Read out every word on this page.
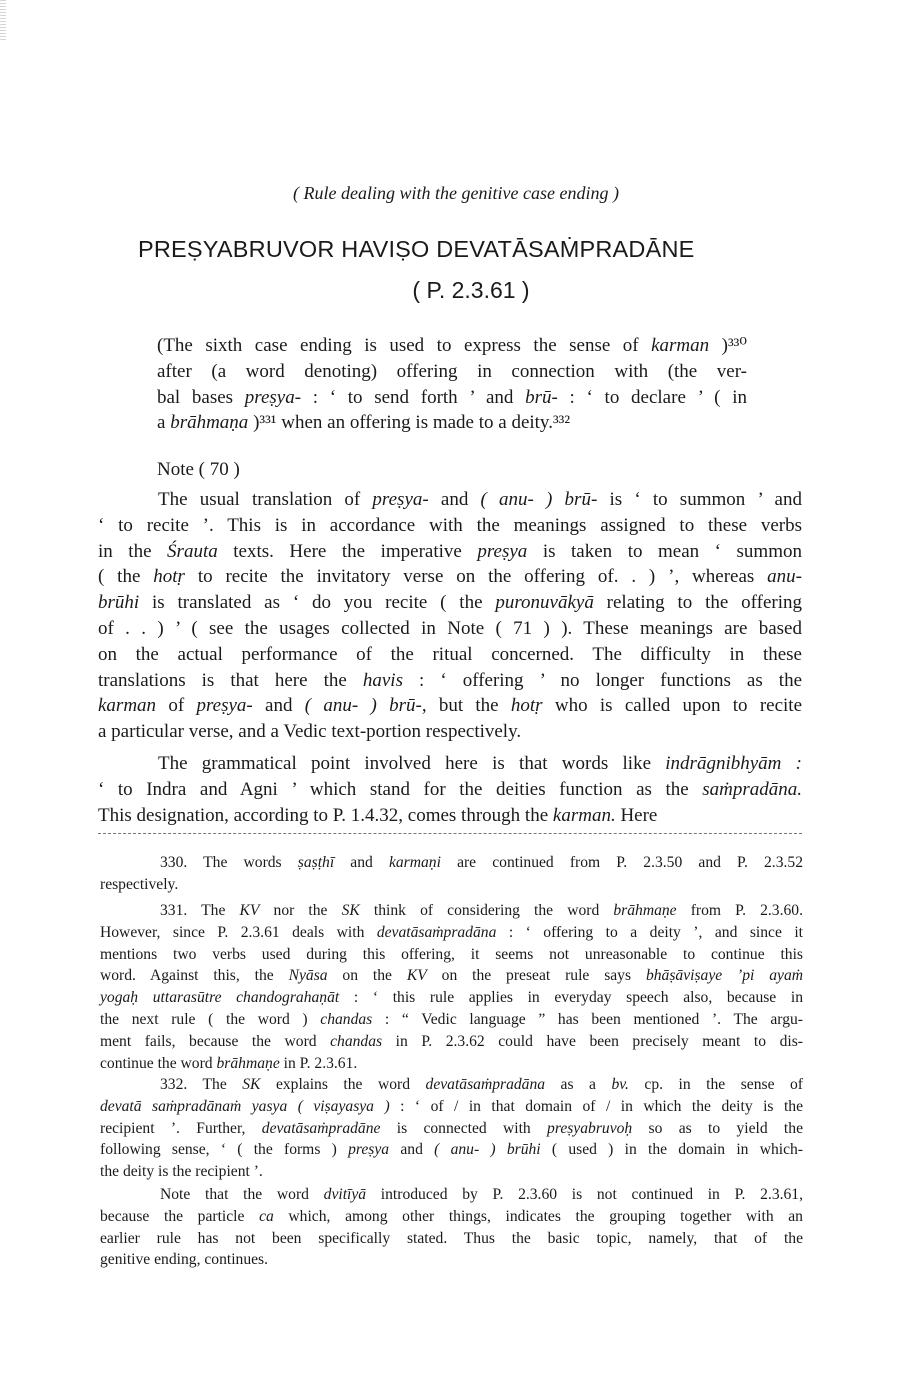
( Rule dealing with the genitive case ending )
PREṢYABRUVOR HAVIṢO DEVATĀSAṀPRADĀNE
( P. 2.3.61 )
(The sixth case ending is used to express the sense of karman )³³⁰
after (a word denoting) offering in connection with (the ver-
bal bases preṣya- : ‘ to send forth ’ and brū- : ‘ to declare ’ ( in
a brāhmaṇa )³³¹ when an offering is made to a deity.³³²
Note ( 70 )
The usual translation of preṣya- and ( anu- ) brū- is ‘ to summon ’ and
‘ to recite ’. This is in accordance with the meanings assigned to these verbs
in the Śrauta texts. Here the imperative preṣya is taken to mean ‘ summon
( the hotṛ to recite the invitatory verse on the offering of. . ) ’, whereas anu-
brūhi is translated as ‘ do you recite ( the puronuvākyā relating to the offering
of . . ) ’ ( see the usages collected in Note ( 71 ) ). These meanings are based
on the actual performance of the ritual concerned. The difficulty in these
translations is that here the havis : ‘ offering ’ no longer functions as the
karman of preṣya- and ( anu- ) brū-, but the hotṛ who is called upon to recite
a particular verse, and a Vedic text-portion respectively.
The grammatical point involved here is that words like indrāgnibhyām :
‘ to Indra and Agni ’ which stand for the deities function as the saṁpradāna.
This designation, according to P. 1.4.32, comes through the karman. Here
330. The words ṣaṣṭhī and karmaṇi are continued from P. 2.3.50 and P. 2.3.52
respectively.
331. The KV nor the SK think of considering the word brāhmaṇe from P. 2.3.60.
However, since P. 2.3.61 deals with devatāsaṁpradāna : ‘ offering to a deity ’, and since it
mentions two verbs used during this offering, it seems not unreasonable to continue this
word. Against this, the Nyāsa on the KV on the preseat rule says bhāṣāviṣaye ’pi ayaṁ
yogaḥ uttarasūtre chandograhaṇāt : ‘ this rule applies in everyday speech also, because in
the next rule ( the word ) chandas : “ Vedic language ” has been mentioned ’. The argu-
ment fails, because the word chandas in P. 2.3.62 could have been precisely meant to dis-
continue the word brāhmaṇe in P. 2.3.61.
332. The SK explains the word devatāsaṁpradāna as a bv. cp. in the sense of
devatā saṁpradānaṁ yasya ( viṣayasya ) : ‘ of / in that domain of / in which the deity is the
recipient ’. Further, devatāsaṁpradāne is connected with preṣyabruvoḥ so as to yield the
following sense, ‘ ( the forms ) preṣya and ( anu- ) brūhi ( used ) in the domain in which-
the deity is the recipient ’.
Note that the word dvitīyā introduced by P. 2.3.60 is not continued in P. 2.3.61,
because the particle ca which, among other things, indicates the grouping together with an
earlier rule has not been specifically stated. Thus the basic topic, namely, that of the
genitive ending, continues.
